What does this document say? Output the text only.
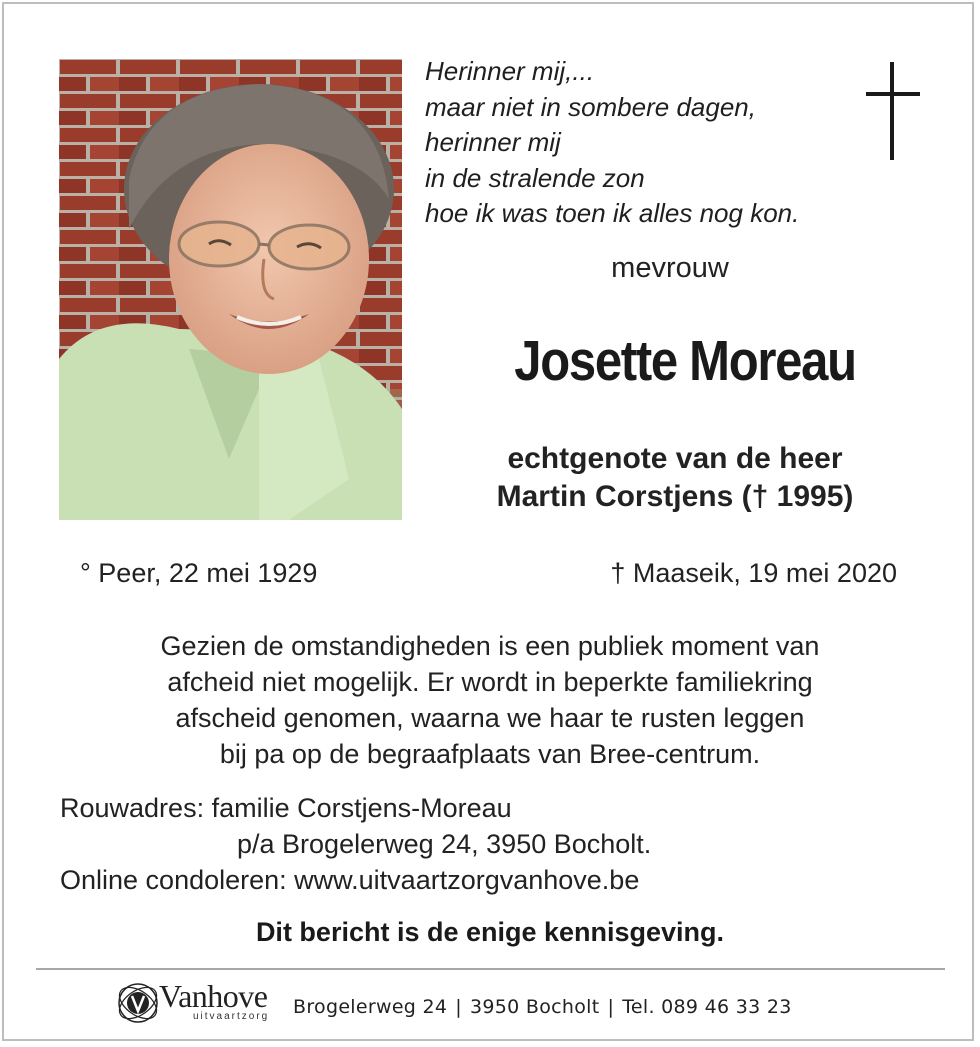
Herinner mij,...
maar niet in sombere dagen,
herinner mij
in de stralende zon
hoe ik was toen ik alles nog kon.
mevrouw
Josette Moreau
echtgenote van de heer
Martin Corstjens († 1995)
° Peer, 22 mei 1929	† Maaseik, 19 mei 2020
Gezien de omstandigheden is een publiek moment van
afcheid niet mogelijk. Er wordt in beperkte familiekring
afscheid genomen, waarna we haar te rusten leggen
bij pa op de begraafplaats van Bree-centrum.
Rouwadres: familie Corstjens-Moreau
p/a Brogelerweg 24, 3950 Bocholt.
Online condoleren: www.uitvaartzorgvanhove.be
Dit bericht is de enige kennisgeving.
Vanhove
uitvaartzorg Brogelerweg 24 | 3950 Bocholt | Tel. 089 46 33 23
